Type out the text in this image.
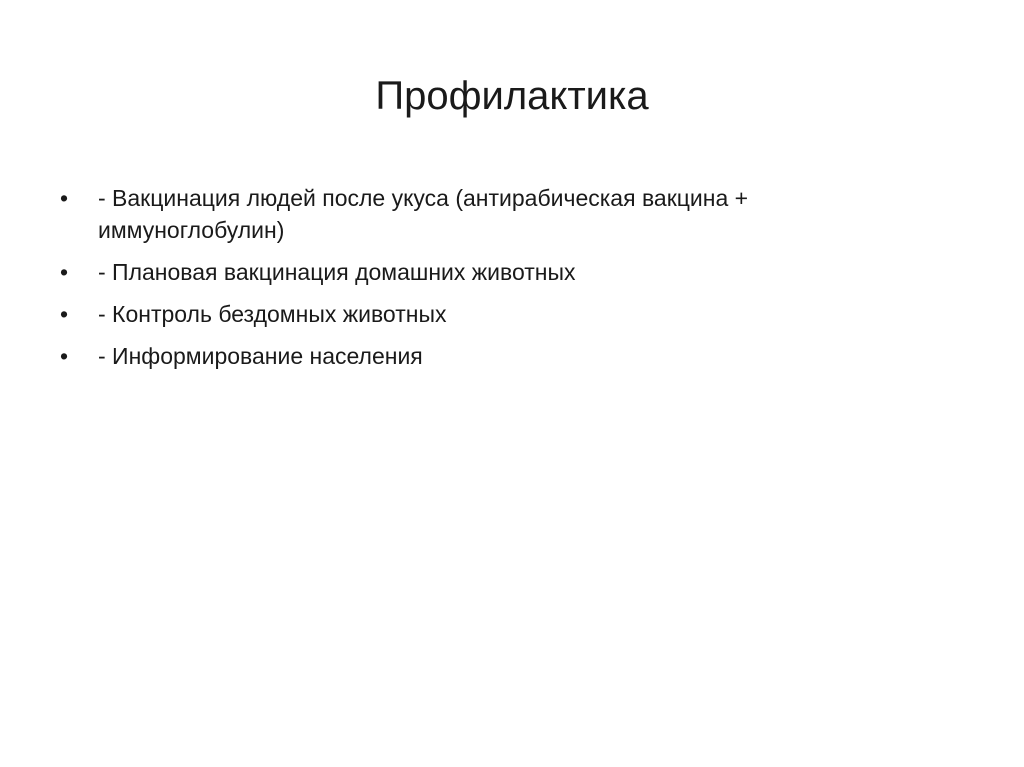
Профилактика
•	- Вакцинация людей после укуса (антирабическая вакцина + иммуноглобулин)
•	- Плановая вакцинация домашних животных
•	- Контроль бездомных животных
•	- Информирование населения
